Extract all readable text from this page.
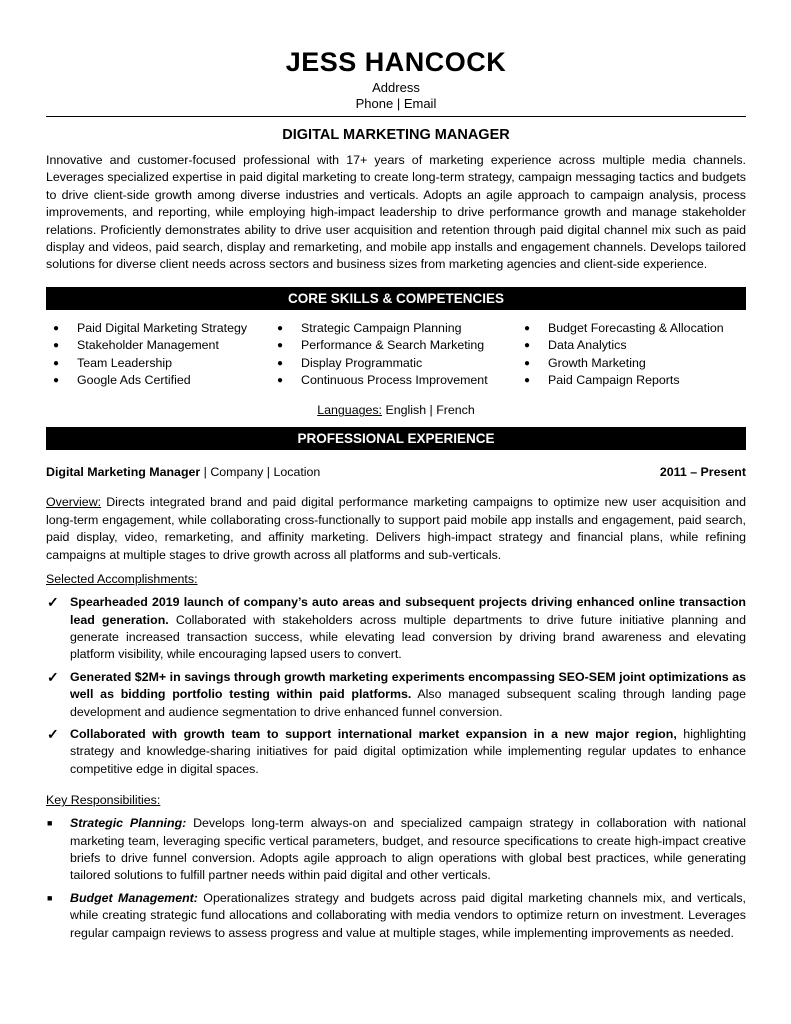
JESS HANCOCK
Address
Phone | Email
DIGITAL MARKETING MANAGER
Innovative and customer-focused professional with 17+ years of marketing experience across multiple media channels. Leverages specialized expertise in paid digital marketing to create long-term strategy, campaign messaging tactics and budgets to drive client-side growth among diverse industries and verticals. Adopts an agile approach to campaign analysis, process improvements, and reporting, while employing high-impact leadership to drive performance growth and manage stakeholder relations. Proficiently demonstrates ability to drive user acquisition and retention through paid digital channel mix such as paid display and videos, paid search, display and remarketing, and mobile app installs and engagement channels. Develops tailored solutions for diverse client needs across sectors and business sizes from marketing agencies and client-side experience.
CORE SKILLS & COMPETENCIES
● Paid Digital Marketing Strategy
● Stakeholder Management
● Team Leadership
● Google Ads Certified
● Strategic Campaign Planning
● Performance & Search Marketing
● Display Programmatic
● Continuous Process Improvement
● Budget Forecasting & Allocation
● Data Analytics
● Growth Marketing
● Paid Campaign Reports
Languages: English | French
PROFESSIONAL EXPERIENCE
Digital Marketing Manager | Company | Location	2011 – Present
Overview: Directs integrated brand and paid digital performance marketing campaigns to optimize new user acquisition and long-term engagement, while collaborating cross-functionally to support paid mobile app installs and engagement, paid search, paid display, video, remarketing, and affinity marketing. Delivers high-impact strategy and financial plans, while refining campaigns at multiple stages to drive growth across all platforms and sub-verticals.
Selected Accomplishments:
✓ Spearheaded 2019 launch of company’s auto areas and subsequent projects driving enhanced online transaction lead generation. Collaborated with stakeholders across multiple departments to drive future initiative planning and generate increased transaction success, while elevating lead conversion by driving brand awareness and elevating platform visibility, while encouraging lapsed users to convert.
✓ Generated $2M+ in savings through growth marketing experiments encompassing SEO-SEM joint optimizations as well as bidding portfolio testing within paid platforms. Also managed subsequent scaling through landing page development and audience segmentation to drive enhanced funnel conversion.
✓ Collaborated with growth team to support international market expansion in a new major region, highlighting strategy and knowledge-sharing initiatives for paid digital optimization while implementing regular updates to enhance competitive edge in digital spaces.
Key Responsibilities:
■ Strategic Planning: Develops long-term always-on and specialized campaign strategy in collaboration with national marketing team, leveraging specific vertical parameters, budget, and resource specifications to create high-impact creative briefs to drive funnel conversion. Adopts agile approach to align operations with global best practices, while generating tailored solutions to fulfill partner needs within paid digital and other verticals.
■ Budget Management: Operationalizes strategy and budgets across paid digital marketing channels mix, and verticals, while creating strategic fund allocations and collaborating with media vendors to optimize return on investment. Leverages regular campaign reviews to assess progress and value at multiple stages, while implementing improvements as needed.
